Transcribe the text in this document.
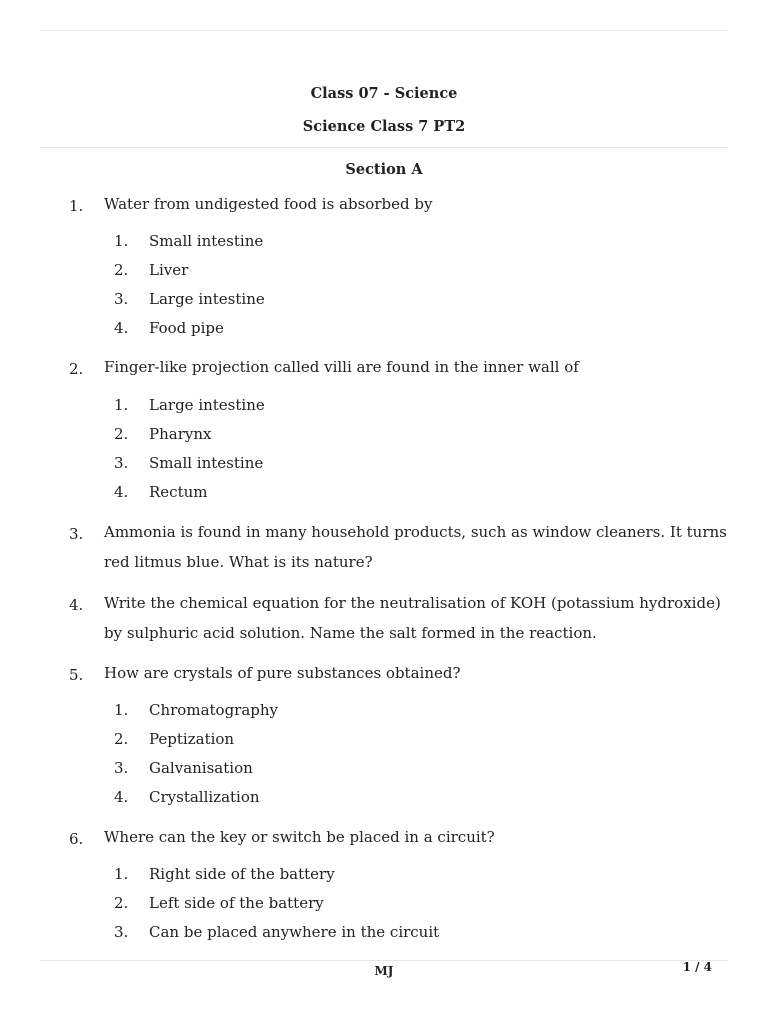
Class 07 - Science
Science Class 7 PT2
Section A
1. Water from undigested food is absorbed by
1. Small intestine
2. Liver
3. Large intestine
4. Food pipe
2. Finger-like projection called villi are found in the inner wall of
1. Large intestine
2. Pharynx
3. Small intestine
4. Rectum
3. Ammonia is found in many household products, such as window cleaners. It turns red litmus blue. What is its nature?
4. Write the chemical equation for the neutralisation of KOH (potassium hydroxide) by sulphuric acid solution. Name the salt formed in the reaction.
5. How are crystals of pure substances obtained?
1. Chromatography
2. Peptization
3. Galvanisation
4. Crystallization
6. Where can the key or switch be placed in a circuit?
1. Right side of the battery
2. Left side of the battery
3. Can be placed anywhere in the circuit
MJ	1 / 4
